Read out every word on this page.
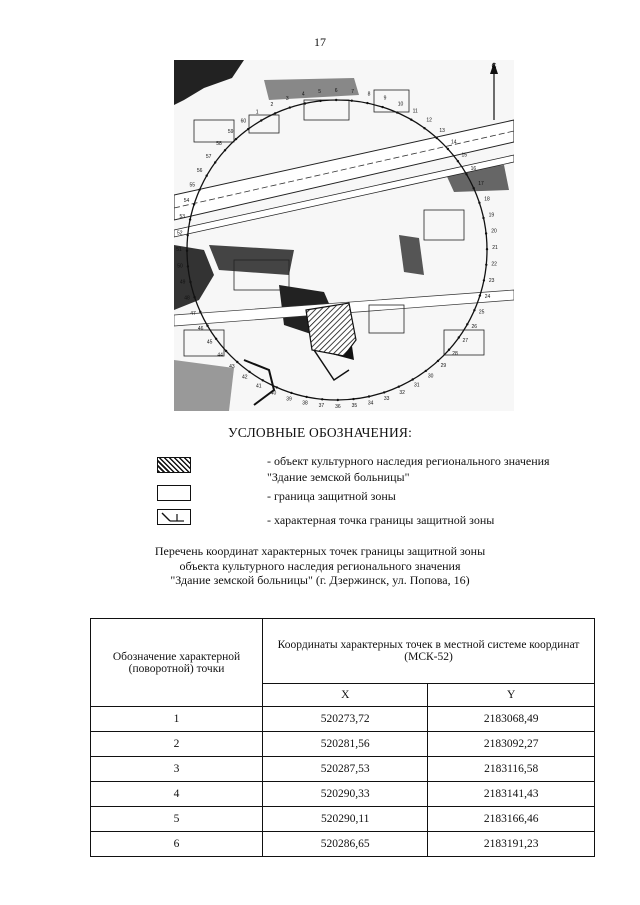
17
С
1
2
3
4	5	6	7	8
9
10
11
12
13
14
15
16
17
18
19
20
21
22
23
24
25
26
27
28
29
30
31
32
33
34
35
36
37
38
39
40
41
42
43
44
45
46
47
48
49
50
51
52
53
54
55
56
57
58
59
60
УСЛОВНЫЕ ОБОЗНАЧЕНИЯ:
- объект культурного наследия регионального значения "Здание земской больницы"
- граница защитной зоны
- характерная точка границы защитной зоны
Перечень координат характерных точек границы защитной зоны
объекта культурного наследия регионального значения
"Здание земской больницы" (г. Дзержинск, ул. Попова, 16)
Обозначение характерной (поворотной) точки	Координаты характерных точек в местной системе координат (МСК-52)	
	X	Y
1	520273,72	2183068,49
2	520281,56	2183092,27
3	520287,53	2183116,58
4	520290,33	2183141,43
5	520290,11	2183166,46
6	520286,65	2183191,23
